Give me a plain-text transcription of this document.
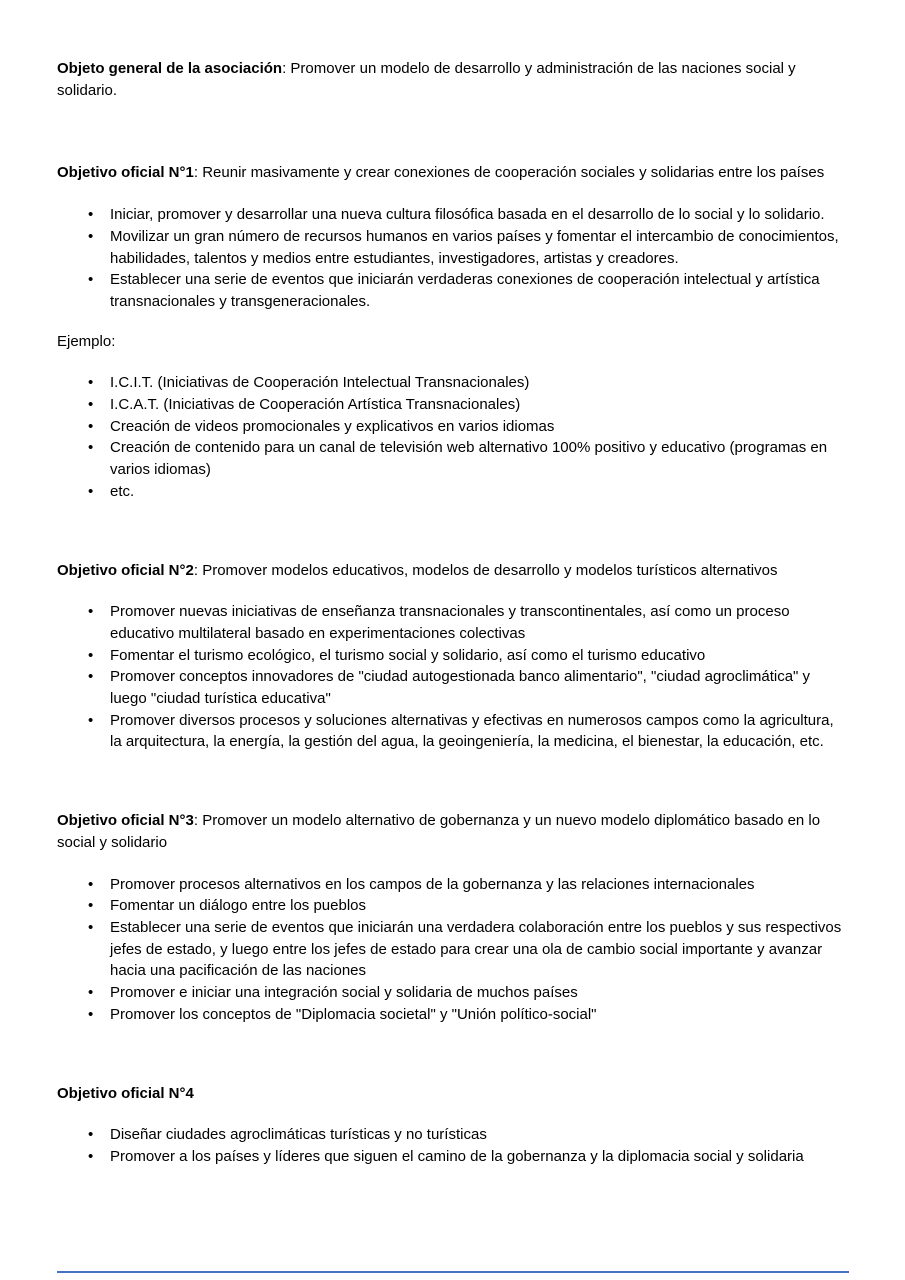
Objeto general de la asociación: Promover un modelo de desarrollo y administración de las naciones social y solidario.

Objetivo oficial N°1: Reunir masivamente y crear conexiones de cooperación sociales y solidarias entre los países

• Iniciar, promover y desarrollar una nueva cultura filosófica basada en el desarrollo de lo social y lo solidario.
• Movilizar un gran número de recursos humanos en varios países y fomentar el intercambio de conocimientos, habilidades, talentos y medios entre estudiantes, investigadores, artistas y creadores.
• Establecer una serie de eventos que iniciarán verdaderas conexiones de cooperación intelectual y artística transnacionales y transgeneracionales.

Ejemplo:

• I.C.I.T. (Iniciativas de Cooperación Intelectual Transnacionales)
• I.C.A.T. (Iniciativas de Cooperación Artística Transnacionales)
• Creación de videos promocionales y explicativos en varios idiomas
• Creación de contenido para un canal de televisión web alternativo 100% positivo y educativo (programas en varios idiomas)
• etc.

Objetivo oficial N°2: Promover modelos educativos, modelos de desarrollo y modelos turísticos alternativos

• Promover nuevas iniciativas de enseñanza transnacionales y transcontinentales, así como un proceso educativo multilateral basado en experimentaciones colectivas
• Fomentar el turismo ecológico, el turismo social y solidario, así como el turismo educativo
• Promover conceptos innovadores de "ciudad autogestionada banco alimentario", "ciudad agroclimática" y luego "ciudad turística educativa"
• Promover diversos procesos y soluciones alternativas y efectivas en numerosos campos como la agricultura, la arquitectura, la energía, la gestión del agua, la geoingeniería, la medicina, el bienestar, la educación, etc.

Objetivo oficial N°3: Promover un modelo alternativo de gobernanza y un nuevo modelo diplomático basado en lo social y solidario

• Promover procesos alternativos en los campos de la gobernanza y las relaciones internacionales
• Fomentar un diálogo entre los pueblos
• Establecer una serie de eventos que iniciarán una verdadera colaboración entre los pueblos y sus respectivos jefes de estado, y luego entre los jefes de estado para crear una ola de cambio social importante y avanzar hacia una pacificación de las naciones
• Promover e iniciar una integración social y solidaria de muchos países
• Promover los conceptos de "Diplomacia societal" y "Unión político-social"

Objetivo oficial N°4

• Diseñar ciudades agroclimáticas turísticas y no turísticas
• Promover a los países y líderes que siguen el camino de la gobernanza y la diplomacia social y solidaria
